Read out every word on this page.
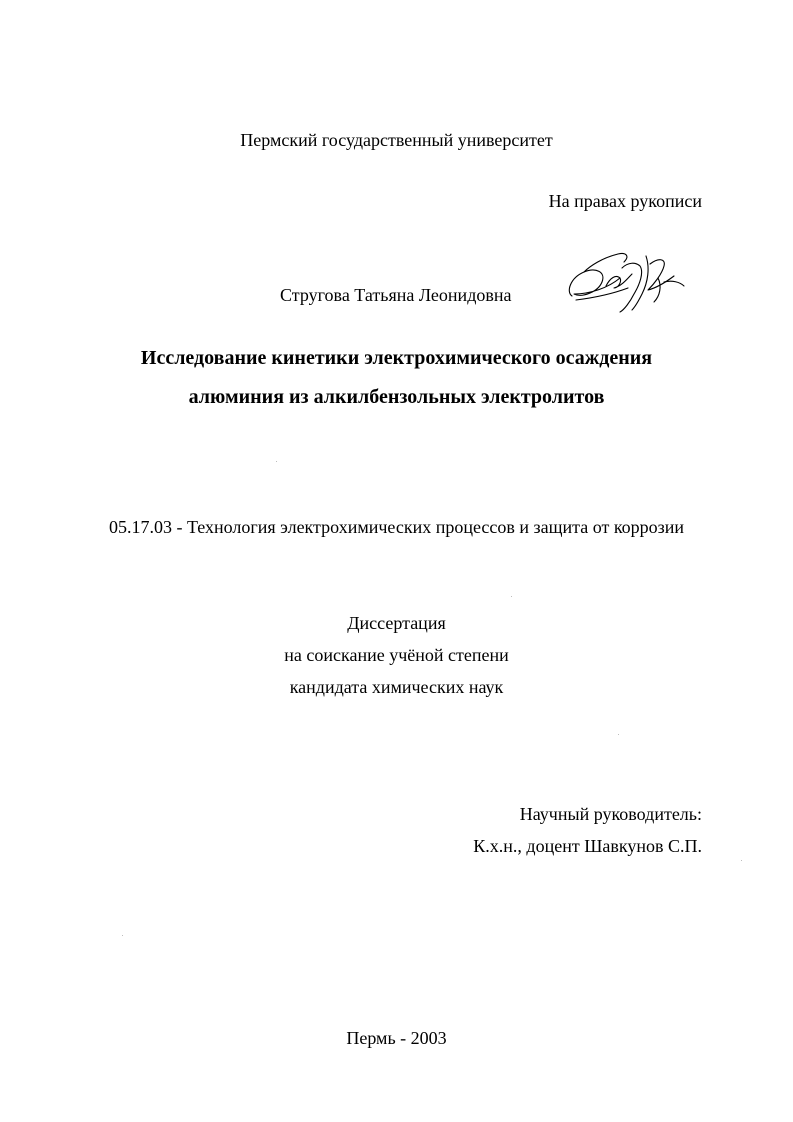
Пермский государственный университет
На правах рукописи
Стругова Татьяна Леонидовна
Исследование кинетики электрохимического осаждения
алюминия из алкилбензольных электролитов
05.17.03 - Технология электрохимических процессов и защита от коррозии
Диссертация
на соискание учёной степени
кандидата химических наук
Научный руководитель:
К.х.н., доцент Шавкунов С.П.
Пермь - 2003
